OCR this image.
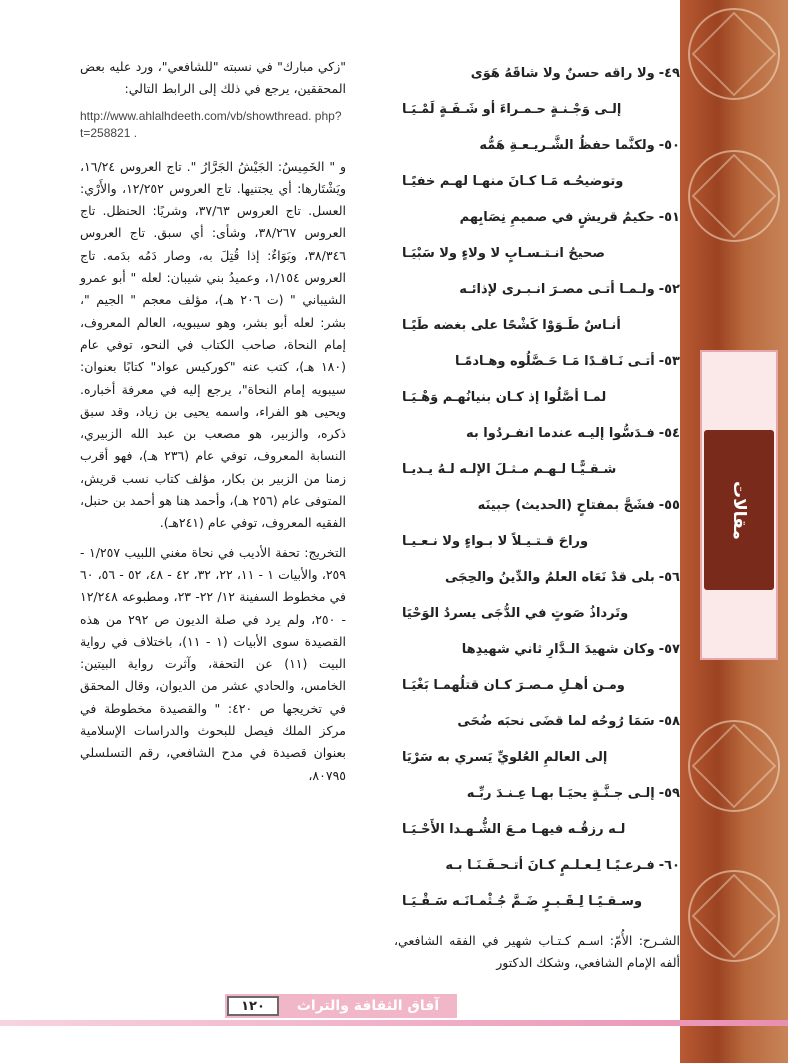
مقالات
٤٩-ولا راقه حسنٌ ولا شاقَهُ هَوَى
إلـى وَجْـنـةٍ حـمـراءَ أو شَـفَـةٍ لَمْـيَـا
٥٠-ولكنَّما حفظُ الشَّـريـعـةِ هَمُّه
وتوضيحُـه مَـا كـانَ منهـا لهـم خفيًـا
٥١-حكيمُ قريشٍ في صميمِ نِصَابِهم
صحيحُ انـتـسـابٍ لا ولاءٍ ولا سَبْيَـا
٥٢-ولـمـا أتـى مصـرَ انـبـرى لإذائـه
أنـاسٌ طَـوَوْا كَشْحًا على بغضه طَيًـا
٥٣-أتـى نَـاقـدًا مَـا حَـصَّلُوه وهـادمًـا
لمـا أصَّلُوا إذ كـان بنيانُهـم وَهْـيَـا
٥٤-فـدَسُّوا إليـه عندما انفـردُوا به
شـقـيًّـا لـهـم مـثـلَ الإلـه لـهُ يـديـا
٥٥-فشَجَّ بمفتاحٍ (الحديث) جبينَه
وراحَ قـتـيـلاً لا بـواءٍ ولا نـعـيـا
٥٦-بلى قدْ نَعَاه العلمُ والدِّينُ والحِجَى
وتَرداذُ صَوتٍ في الدُّجَى يسردُ الوَحْيَا
٥٧-وكان شهيدَ الـدَّارِ ثاني شهيدِها
ومـن أهـلِ مـصـرَ كـان قتلُهمـا بَغْيَـا
٥٨-سَمَا رُوحُه لما قضَى نحبَه ضُحَى
إلى العالمِ العُلويِّ يَسري به سَرْيَا
٥٩-إلـى جـنَّـةٍ يحيَـا بهـا عِـنـدَ ربِّـه
لـه رزقُـه فيهـا مـعَ الشُّـهـدا الأَحْـيَـا
٦٠-فـرعـيًـا لِـعـلـمٍ كـانَ أتـحـفَـنَـا بـه
وسـقـيًـا لِـقَـبـرٍ ضَـمَّ جُـثْمـانَـه سَـقْـيَـا
الشـرح: الأُمّ: اسـم كـتـاب شهير في الفقه الشافعي، ألفه الإمام الشافعي، وشكك الدكتور

"زكي مبارك" في نسبته "للشافعي"، ورد عليه بعض المحققين، يرجع في ذلك إلى الرابط التالي:

http://www.ahlalhdeeth.com/vb/showthread. php?t=258821 .

و " الخَمِيسُ: الجَيْشُ الجَرَّارُ ". تاج العروس ١٦/٢٤، ويَشْتَارها: أي يجتنيها. تاج العروس ١٢/٢٥٢، والأَرْي: العسل. تاج العروس ٣٧/٦٣، وشريًا: الحنظل. تاج العروس ٣٨/٢٦٧، وشأى: أي سبق. تاج العروس ٣٨/٣٤٦، وبَوَاءٌ: إذا قُتِلَ به، وصار دَمُه بدَمه. تاج العروس ١/١٥٤، وعميدُ بني شيبان: لعله " أبو عمرو الشيباني " (ت ٢٠٦ هـ)، مؤلف معجم " الجيم "، بشر: لعله أبو بشر، وهو سيبويه، العالم المعروف، إمام النحاة، صاحب الكتاب في النحو، توفي عام (١٨٠ هـ)، كتب عنه "كوركيس عواد" كتابًا بعنوان: سيبويه إمام النحاة"، يرجع إليه في معرفة أخباره. ويحيى هو الفراء، واسمه يحيى بن زياد، وقد سبق ذكره، والزبير، هو مصعب بن عبد الله الزبيري، النسابة المعروف، توفي عام (٢٣٦ هـ)، فهو أقرب زمنا من الزبير بن بكار، مؤلف كتاب نسب قريش، المتوفى عام (٢٥٦ هـ)، وأحمد هنا هو أحمد بن حنبل، الفقيه المعروف، توفي عام (٢٤١هـ).

التخريج: تحفة الأديب في نحاة مغني اللبيب ١/٢٥٧ - ٢٥٩، والأبيات ١ - ١١، ٢٢، ٣٢، ٤٢ - ٤٨، ٥٢ - ٥٦، ٦٠ في مخطوط السفينة ١٢/ ٢٢- ٢٣، ومطبوعه ١٢/٢٤٨ - ٢٥٠، ولم يرد في صلة الديون ص ٢٩٢ من هذه القصيدة سوى الأبيات (١ - ١١)، باختلاف في رواية البيت (١١) عن التحفة، وآثرت رواية البيتين: الخامس، والحادي عشر من الديوان، وقال المحقق في تخريجها ص ٤٢٠: " والقصيدة مخطوطة في مركز الملك فيصل للبحوث والدراسات الإسلامية بعنوان قصيدة في مدح الشافعي، رقم التسلسلي ٨٠٧٩٥،

آفاق الثقافة والتراث
١٢٠
